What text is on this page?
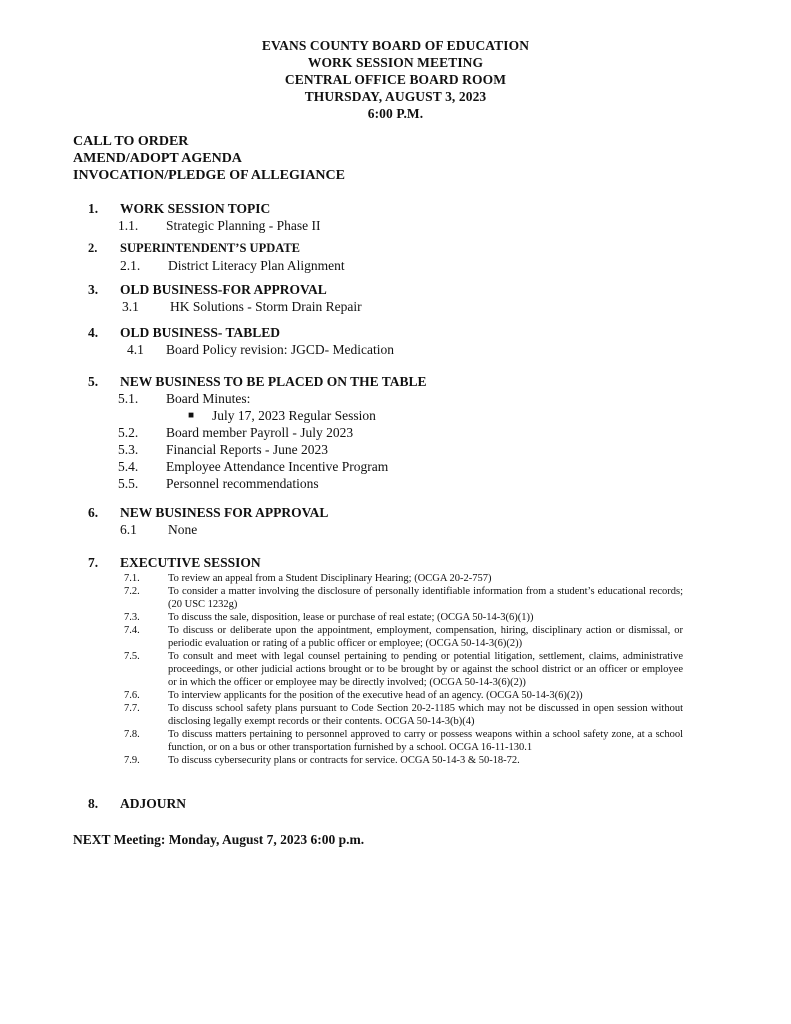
EVANS COUNTY BOARD OF EDUCATION
WORK SESSION MEETING
CENTRAL OFFICE BOARD ROOM
THURSDAY, AUGUST 3, 2023
6:00 P.M.
CALL TO ORDER
AMEND/ADOPT AGENDA
INVOCATION/PLEDGE OF ALLEGIANCE
1.	WORK SESSION TOPIC
1.1.	Strategic Planning - Phase II
2.	SUPERINTENDENT’S UPDATE
2.1.	District Literacy Plan Alignment
3.	OLD BUSINESS-FOR APPROVAL
3.1	HK Solutions - Storm Drain Repair
4.	OLD BUSINESS- TABLED
4.1	Board Policy revision: JGCD- Medication
5.	NEW BUSINESS TO BE PLACED ON THE TABLE
5.1.	Board Minutes:
■	July 17, 2023 Regular Session
5.2.	Board member Payroll - July 2023
5.3.	Financial Reports - June 2023
5.4.	Employee Attendance Incentive Program
5.5.	Personnel recommendations
6.	NEW BUSINESS FOR APPROVAL
6.1	None
7.	EXECUTIVE SESSION
7.1.	To review an appeal from a Student Disciplinary Hearing; (OCGA 20-2-757)
7.2.	To consider a matter involving the disclosure of personally identifiable information from a student’s educational records; (20 USC 1232g)
7.3.	To discuss the sale, disposition, lease or purchase of real estate; (OCGA 50-14-3(6)(1))
7.4.	To discuss or deliberate upon the appointment, employment, compensation, hiring, disciplinary action or dismissal, or periodic evaluation or rating of a public officer or employee; (OCGA 50-14-3(6)(2))
7.5.	To consult and meet with legal counsel pertaining to pending or potential litigation, settlement, claims, administrative proceedings, or other judicial actions brought or to be brought by or against the school district or an officer or employee or in which the officer or employee may be directly involved; (OCGA 50-14-3(6)(2))
7.6.	To interview applicants for the position of the executive head of an agency. (OCGA 50-14-3(6)(2))
7.7.	To discuss school safety plans pursuant to Code Section 20-2-1185 which may not be discussed in open session without disclosing legally exempt records or their contents. OCGA 50-14-3(b)(4)
7.8.	To discuss matters pertaining to personnel approved to carry or possess weapons within a school safety zone, at a school function, or on a bus or other transportation furnished by a school. OCGA 16-11-130.1
7.9.	To discuss cybersecurity plans or contracts for service. OCGA 50-14-3 & 50-18-72.
8.	ADJOURN
NEXT Meeting: Monday, August 7, 2023 6:00 p.m.
